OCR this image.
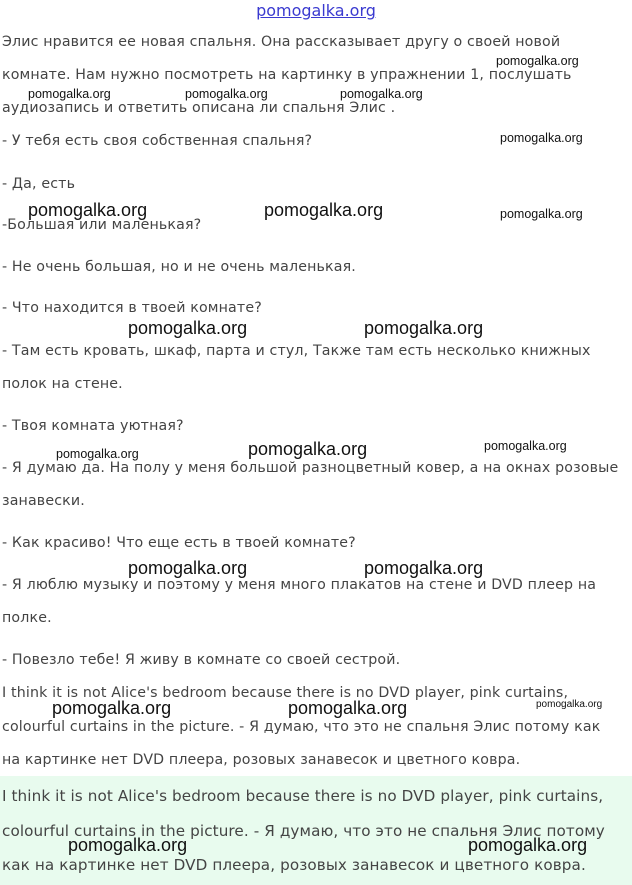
pomogalka.org
Элис нравится ее новая спальня. Она рассказывает другу о своей новой
комнате. Нам нужно посмотреть на картинку в упражнении 1, послушать
аудиозапись и ответить описана ли спальня Элис .
- У тебя есть своя собственная спальня?
- Да, есть
-Большая или маленькая?
- Не очень большая, но и не очень маленькая.
- Что находится в твоей комнате?
- Там есть кровать, шкаф, парта и стул, Также там есть несколько книжных
полок на стене.
- Твоя комната уютная?
- Я думаю да. На полу у меня большой разноцветный ковер, а на окнах розовые
занавески.
- Как красиво! Что еще есть в твоей комнате?
- Я люблю музыку и поэтому у меня много плакатов на стене и DVD плеер на
полке.
- Повезло тебе! Я живу в комнате со своей сестрой.
I think it is not Alice's bedroom because there is no DVD player, pink curtains,
colourful curtains in the picture. - Я думаю, что это не спальня Элис потому как
на картинке нет DVD плеера, розовых занавесок и цветного ковра.
I think it is not Alice's bedroom because there is no DVD player, pink curtains,
colourful curtains in the picture. - Я думаю, что это не спальня Элис потому
как на картинке нет DVD плеера, розовых занавесок и цветного ковра.
pomogalka.org
pomogalka.org	pomogalka.org	pomogalka.org
pomogalka.org
pomogalka.org	pomogalka.org	pomogalka.org
pomogalka.org	pomogalka.org
pomogalka.org	pomogalka.org
pomogalka.org
pomogalka.org	pomogalka.org
pomogalka.org	pomogalka.org	pomogalka.org
pomogalka.org	pomogalka.org
